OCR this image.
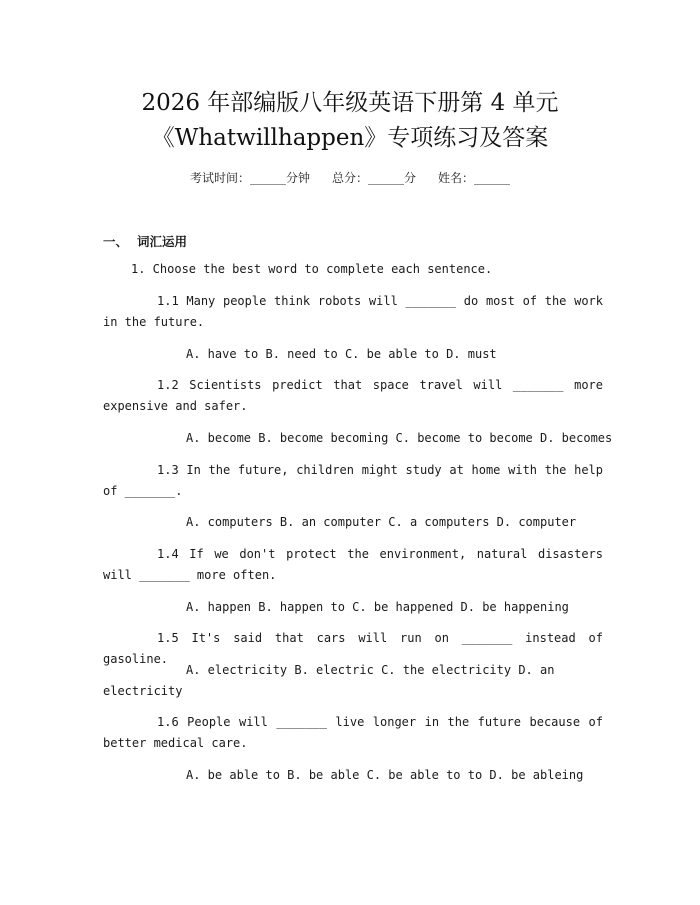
2026 年部编版八年级英语下册第 4 单元
《Whatwillhappen》专项练习及答案
考试时间：______分钟 总分：______分 姓名：______
一、 词汇运用
1. Choose the best word to complete each sentence.
1.1 Many people think robots will _______ do most of the work in the future.
A. have to B. need to C. be able to D. must
1.2 Scientists predict that space travel will _______ more expensive and safer.
A. become B. become becoming C. become to become D. becomes
1.3 In the future, children might study at home with the help of _______.
A. computers B. an computer C. a computers D. computer
1.4 If we don't protect the environment, natural disasters will _______ more often.
A. happen B. happen to C. be happened D. be happening
1.5 It's said that cars will run on _______ instead of gasoline.
A. electricity B. electric C. the electricity D. an electricity
1.6 People will _______ live longer in the future because of better medical care.
A. be able to B. be able C. be able to to D. be ableing
